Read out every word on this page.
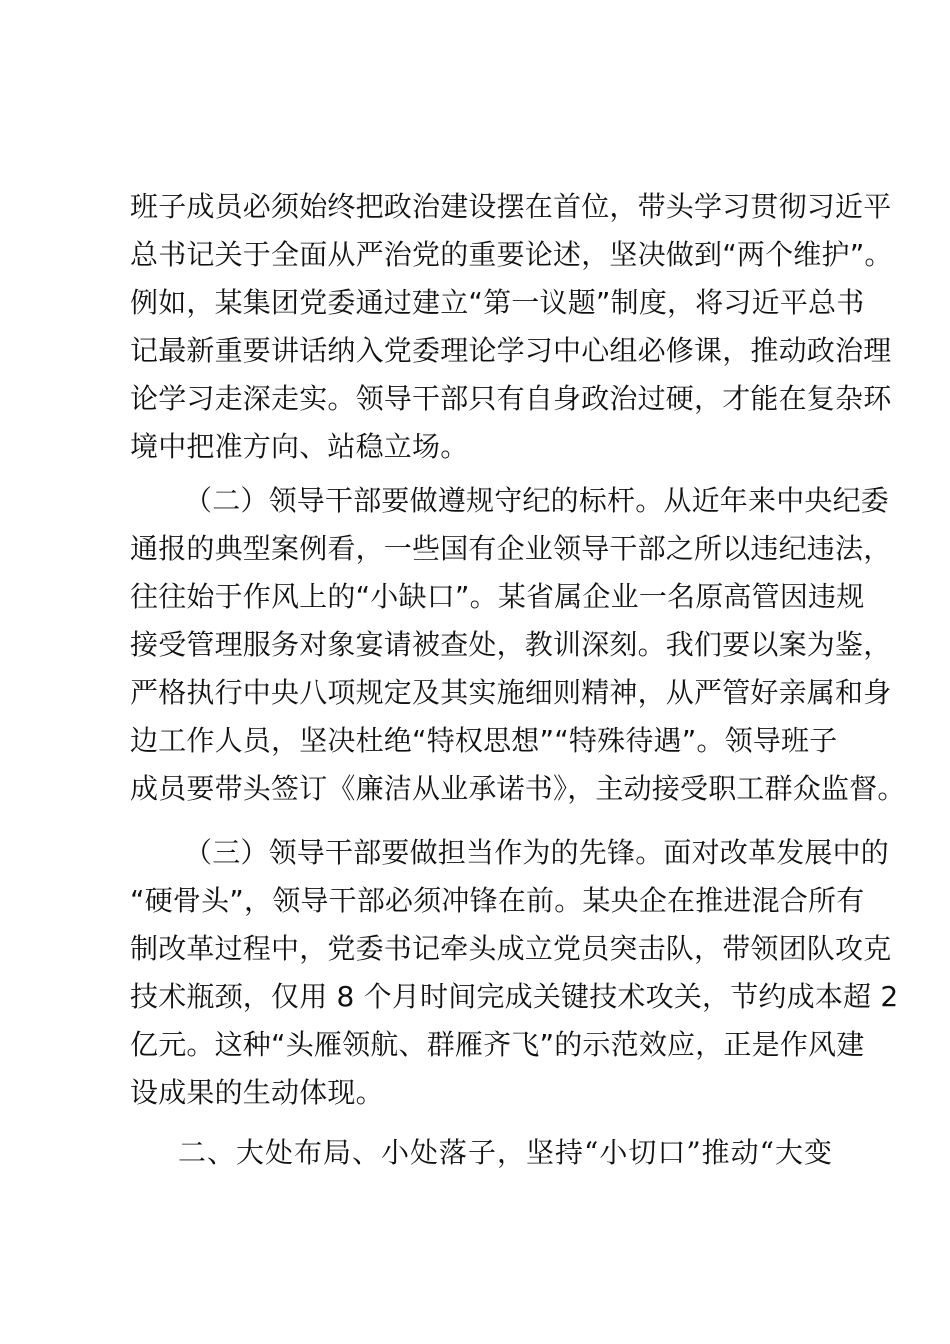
班子成员必须始终把政治建设摆在首位，带头学习贯彻习近平
总书记关于全面从严治党的重要论述，坚决做到“两个维护”。
例如，某集团党委通过建立“第一议题”制度，将习近平总书
记最新重要讲话纳入党委理论学习中心组必修课，推动政治理
论学习走深走实。领导干部只有自身政治过硬，才能在复杂环
境中把准方向、站稳立场。
（二）领导干部要做遵规守纪的标杆。从近年来中央纪委
通报的典型案例看，一些国有企业领导干部之所以违纪违法，
往往始于作风上的“小缺口”。某省属企业一名原高管因违规
接受管理服务对象宴请被查处，教训深刻。我们要以案为鉴，
严格执行中央八项规定及其实施细则精神，从严管好亲属和身
边工作人员，坚决杜绝“特权思想”“特殊待遇”。领导班子
成员要带头签订《廉洁从业承诺书》，主动接受职工群众监督。
（三）领导干部要做担当作为的先锋。面对改革发展中的
“硬骨头”，领导干部必须冲锋在前。某央企在推进混合所有
制改革过程中，党委书记牵头成立党员突击队，带领团队攻克
技术瓶颈，仅用 8 个月时间完成关键技术攻关，节约成本超 2
亿元。这种“头雁领航、群雁齐飞”的示范效应，正是作风建
设成果的生动体现。
二、大处布局、小处落子，坚持“小切口”推动“大变
